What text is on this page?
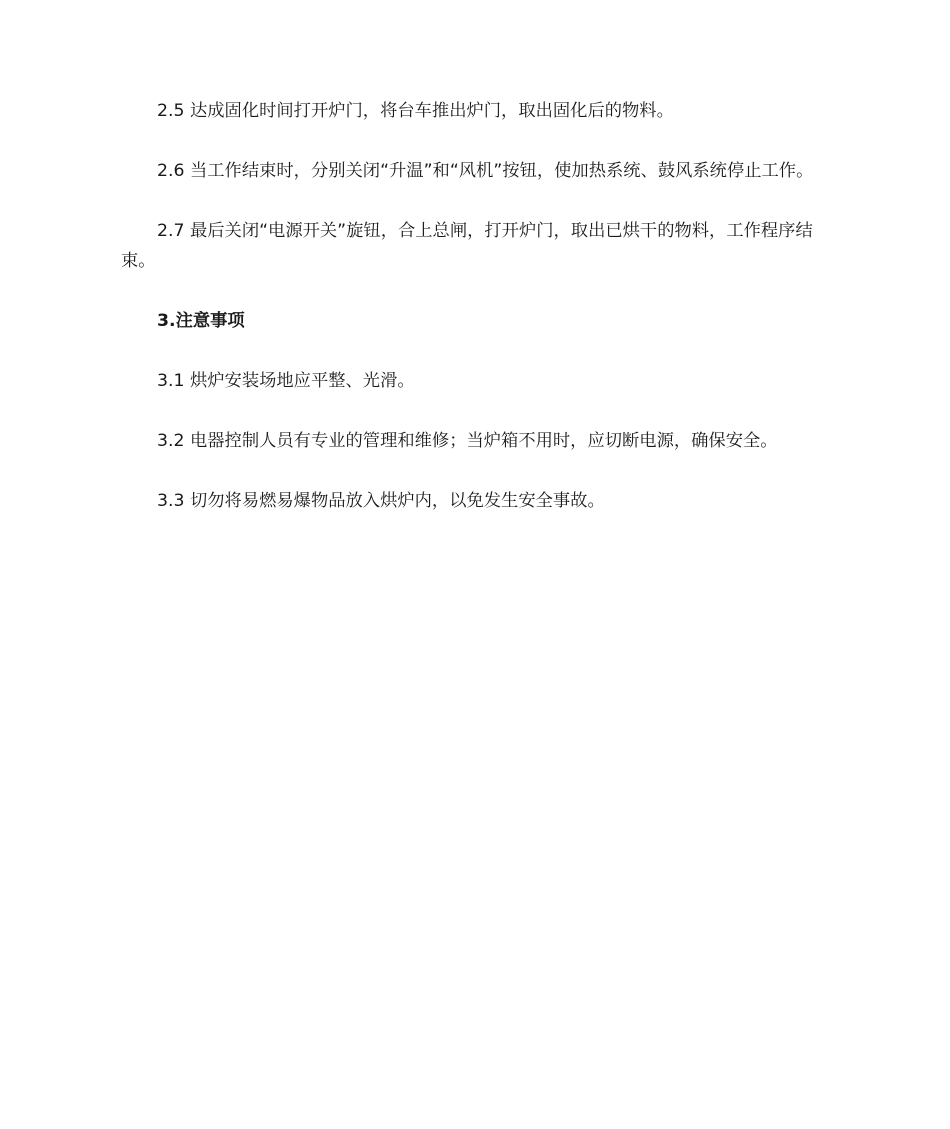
2.5 达成固化时间打开炉门，将台车推出炉门，取出固化后的物料。

2.6 当工作结束时，分别关闭“升温”和“风机”按钮，使加热系统、鼓风系统停止工作。

2.7 最后关闭“电源开关”旋钮，合上总闸，打开炉门，取出已烘干的物料，工作程序结束。

3.注意事项

3.1 烘炉安装场地应平整、光滑。

3.2 电器控制人员有专业的管理和维修；当炉箱不用时，应切断电源，确保安全。

3.3 切勿将易燃易爆物品放入烘炉内，以免发生安全事故。
